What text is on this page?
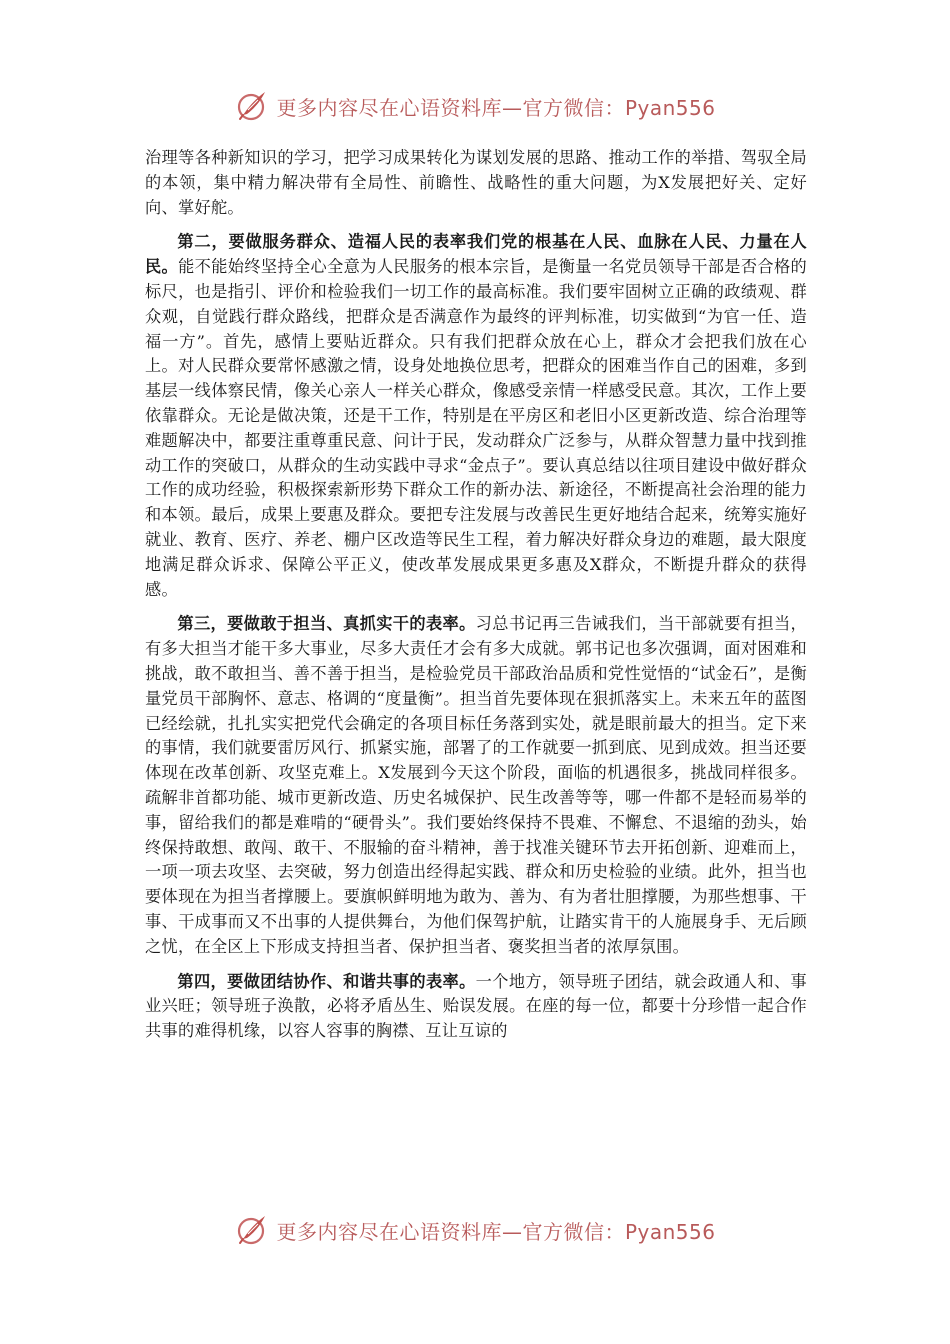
更多内容尽在心语资料库—官方微信：Pyan556

治理等各种新知识的学习，把学习成果转化为谋划发展的思路、推动工作的举措、驾驭全局的本领，集中精力解决带有全局性、前瞻性、战略性的重大问题，为X发展把好关、定好向、掌好舵。

第二，要做服务群众、造福人民的表率我们党的根基在人民、血脉在人民、力量在人民。能不能始终坚持全心全意为人民服务的根本宗旨，是衡量一名党员领导干部是否合格的标尺，也是指引、评价和检验我们一切工作的最高标准。我们要牢固树立正确的政绩观、群众观，自觉践行群众路线，把群众是否满意作为最终的评判标准，切实做到“为官一任、造福一方”。首先，感情上要贴近群众。只有我们把群众放在心上，群众才会把我们放在心上。对人民群众要常怀感激之情，设身处地换位思考，把群众的困难当作自己的困难，多到基层一线体察民情，像关心亲人一样关心群众，像感受亲情一样感受民意。其次，工作上要依靠群众。无论是做决策，还是干工作，特别是在平房区和老旧小区更新改造、综合治理等难题解决中，都要注重尊重民意、问计于民，发动群众广泛参与，从群众智慧力量中找到推动工作的突破口，从群众的生动实践中寻求“金点子”。要认真总结以往项目建设中做好群众工作的成功经验，积极探索新形势下群众工作的新办法、新途径，不断提高社会治理的能力和本领。最后，成果上要惠及群众。要把专注发展与改善民生更好地结合起来，统筹实施好就业、教育、医疗、养老、棚户区改造等民生工程，着力解决好群众身边的难题，最大限度地满足群众诉求、保障公平正义，使改革发展成果更多惠及X群众，不断提升群众的获得感。

第三，要做敢于担当、真抓实干的表率。习总书记再三告诫我们，当干部就要有担当，有多大担当才能干多大事业，尽多大责任才会有多大成就。郭书记也多次强调，面对困难和挑战，敢不敢担当、善不善于担当，是检验党员干部政治品质和党性觉悟的“试金石”，是衡量党员干部胸怀、意志、格调的“度量衡”。担当首先要体现在狠抓落实上。未来五年的蓝图已经绘就，扎扎实实把党代会确定的各项目标任务落到实处，就是眼前最大的担当。定下来的事情，我们就要雷厉风行、抓紧实施，部署了的工作就要一抓到底、见到成效。担当还要体现在改革创新、攻坚克难上。X发展到今天这个阶段，面临的机遇很多，挑战同样很多。疏解非首都功能、城市更新改造、历史名城保护、民生改善等等，哪一件都不是轻而易举的事，留给我们的都是难啃的“硬骨头”。我们要始终保持不畏难、不懈怠、不退缩的劲头，始终保持敢想、敢闯、敢干、不服输的奋斗精神，善于找准关键环节去开拓创新、迎难而上，一项一项去攻坚、去突破，努力创造出经得起实践、群众和历史检验的业绩。此外，担当也要体现在为担当者撑腰上。要旗帜鲜明地为敢为、善为、有为者壮胆撑腰，为那些想事、干事、干成事而又不出事的人提供舞台，为他们保驾护航，让踏实肯干的人施展身手、无后顾之忧，在全区上下形成支持担当者、保护担当者、褒奖担当者的浓厚氛围。

第四，要做团结协作、和谐共事的表率。一个地方，领导班子团结，就会政通人和、事业兴旺；领导班子涣散，必将矛盾丛生、贻误发展。在座的每一位，都要十分珍惜一起合作共事的难得机缘，以容人容事的胸襟、互让互谅的

更多内容尽在心语资料库—官方微信：Pyan556
